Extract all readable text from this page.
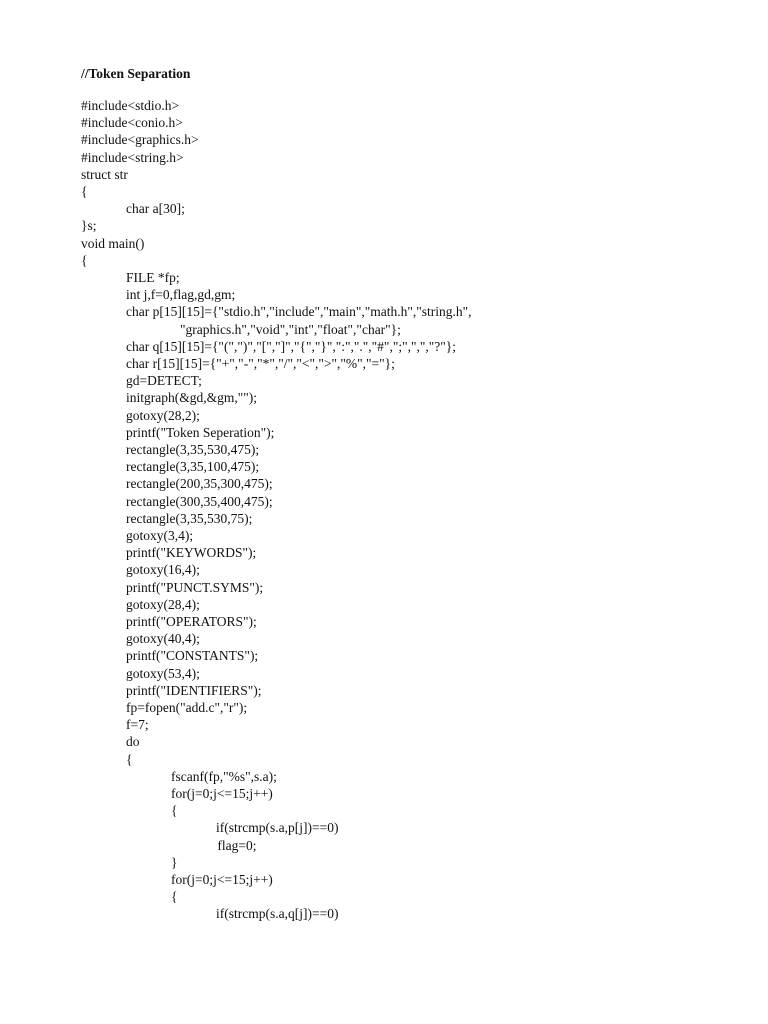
//Token Separation
#include<stdio.h>
#include<conio.h>
#include<graphics.h>
#include<string.h>
struct str
{
char a[30];
}s;
void main()
{
FILE *fp;
int j,f=0,flag,gd,gm;
char p[15][15]={"stdio.h","include","main","math.h","string.h",
"graphics.h","void","int","float","char"};
char q[15][15]={"(",")","[","]","{","}",":",".","#",";",",","?"};
char r[15][15]={"+","-","*","/","<",">","%","="};
gd=DETECT;
initgraph(&gd,&gm,"");
gotoxy(28,2);
printf("Token Seperation");
rectangle(3,35,530,475);
rectangle(3,35,100,475);
rectangle(200,35,300,475);
rectangle(300,35,400,475);
rectangle(3,35,530,75);
gotoxy(3,4);
printf("KEYWORDS");
gotoxy(16,4);
printf("PUNCT.SYMS");
gotoxy(28,4);
printf("OPERATORS");
gotoxy(40,4);
printf("CONSTANTS");
gotoxy(53,4);
printf("IDENTIFIERS");
fp=fopen("add.c","r");
f=7;
do
{
fscanf(fp,"%s",s.a);
for(j=0;j<=15;j++)
{
if(strcmp(s.a,p[j])==0)
flag=0;
}
for(j=0;j<=15;j++)
{
if(strcmp(s.a,q[j])==0)
